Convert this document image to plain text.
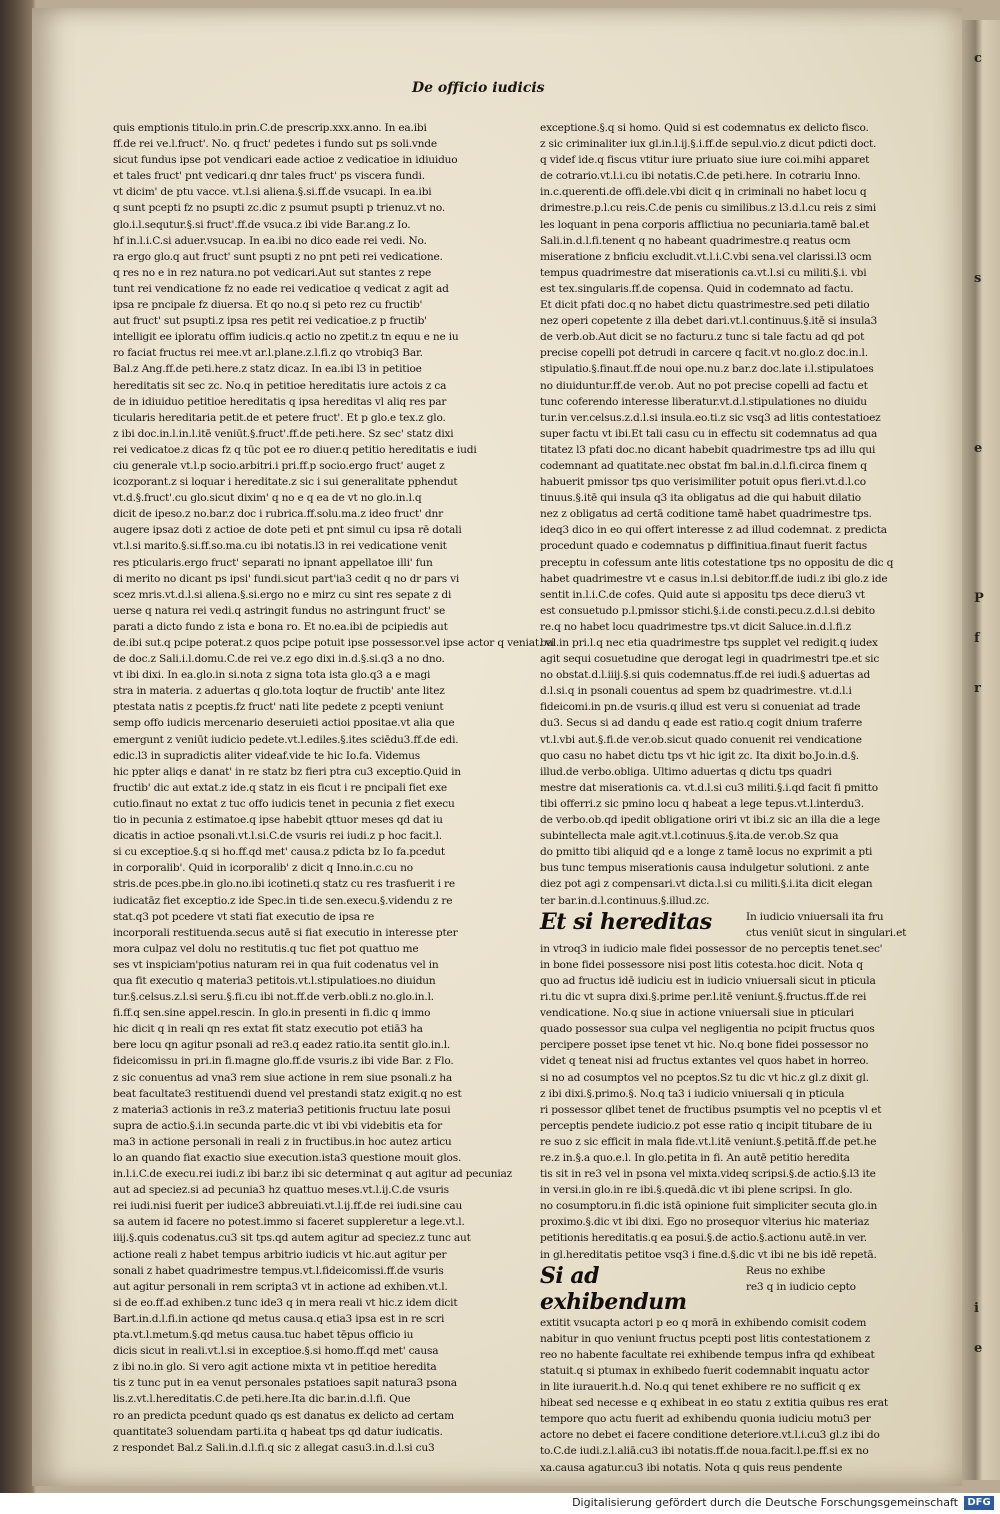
De officio iudicis
quis emptionis titulo.in prin.C.de prescrip.xxx.anno. In ea.ibi
ff.de rei ve.l.fruct'. No. q fruct' pedetes i fundo sut ps soli.vnde
sicut fundus ipse pot vendicari eade actioe z vedicatioe in idiuiduo
et tales fruct' pnt vedicari.q dnr tales fruct' ps viscera fundi.
vt dicim' de ptu vacce. vt.l.si aliena.§.si.ff.de vsucapi. In ea.ibi
q sunt pcepti fz no psupti zc.dic z psumut psupti p trienuz.vt no.
glo.i.l.sequtur.§.si fruct'.ff.de vsuca.z ibi vide Bar.ang.z Io.
hf in.l.i.C.si aduer.vsucap. In ea.ibi no dico eade rei vedi. No.
ra ergo glo.q aut fruct' sunt psupti z no pnt peti rei vedicatione.
q res no e in rez natura.no pot vedicari.Aut sut stantes z repe
tunt rei vendicatione fz no eade rei vedicatioe q vedicat z agit ad
ipsa re pncipale fz diuersa. Et qo no.q si peto rez cu fructib'
aut fruct' sut psupti.z ipsa res petit rei vedicatioe.z p fructib'
intelligit ee iploratu offim iudicis.q actio no zpetit.z tn equu e ne iu
ro faciat fructus rei mee.vt ar.l.plane.z.l.fi.z qo vtrobiq3 Bar.
Bal.z Ang.ff.de peti.here.z statz dicaz. In ea.ibi l3 in petitioe
hereditatis sit sec zc. No.q in petitioe hereditatis iure actois z ca
de in idiuiduo petitioe hereditatis q ipsa hereditas vl aliq res par
ticularis hereditaria petit.de et petere fruct'. Et p glo.e tex.z glo.
z ibi doc.in.l.in.l.itē veniūt.§.fruct'.ff.de peti.here. Sz sec' statz dixi
rei vedicatoe.z dicas fz q tūc pot ee ro diuer.q petitio hereditatis e iudi
ciu generale vt.l.p socio.arbitri.i pri.ff.p socio.ergo fruct' auget z
icozporant.z si loquar i hereditate.z sic i sui generalitate pphendut
vt.d.§.fruct'.cu glo.sicut dixim' q no e q ea de vt no glo.in.l.q
dicit de ipeso.z no.bar.z doc i rubrica.ff.solu.ma.z ideo fruct' dnr
augere ipsaz doti z actioe de dote peti et pnt simul cu ipsa rē dotali
vt.l.si marito.§.si.ff.so.ma.cu ibi notatis.l3 in rei vedicatione venit
res pticularis.ergo fruct' separati no ipnant appellatoe illi' fun
di merito no dicant ps ipsi' fundi.sicut part'ia3 cedit q no dr pars vi
scez mris.vt.d.l.si aliena.§.si.ergo no e mirz cu sint res sepate z di
uerse q natura rei vedi.q astringit fundus no astringunt fruct' se
parati a dicto fundo z ista e bona ro. Et no.ea.ibi de pcipiedis aut
de.ibi sut.q pcipe poterat.z quos pcipe potuit ipse possessor.vel ipse actor q veniat. vi
de doc.z Sali.i.l.domu.C.de rei ve.z ego dixi in.d.§.si.q3 a no dno.
vt ibi dixi. In ea.glo.in si.nota z signa tota ista glo.q3 a e magi
stra in materia. z aduertas q glo.tota loqtur de fructib' ante litez
ptestata natis z pceptis.fz fruct' nati lite pedete z pcepti veniunt
semp offo iudicis mercenario deseruieti actioi ppositae.vt alia que
emergunt z veniūt iudicio pedete.vt.l.ediles.§.ites sciēdu3.ff.de edi.
edic.l3 in supradictis aliter videaf.vide te hic Io.fa. Videmus
hic ppter aliqs e danat' in re statz bz fieri ptra cu3 exceptio.Quid in
fructib' dic aut extat.z ide.q statz in eis ficut i re pncipali fiet exe
cutio.finaut no extat z tuc offo iudicis tenet in pecunia z fiet execu
tio in pecunia z estimatoe.q ipse habebit qttuor meses qd dat iu
dicatis in actioe psonali.vt.l.si.C.de vsuris rei iudi.z p hoc facit.l.
si cu exceptioe.§.q si ho.ff.qd met' causa.z pdicta bz Io fa.pcedut
in corporalib'. Quid in icorporalib' z dicit q Inno.in.c.cu no
stris.de pces.pbe.in glo.no.ibi icotineti.q statz cu res trasfuerit i re
iudicatāz fiet exceptio.z ide Spec.in ti.de sen.execu.§.videndu z re
stat.q3 pot pcedere vt stati fiat executio de ipsa re
incorporali restituenda.secus autē si fiat executio in interesse pter
mora culpaz vel dolu no restitutis.q tuc fiet pot quattuo me
ses vt inspiciam'potius naturam rei in qua fuit codenatus vel in
qua fit executio q materia3 petitois.vt.l.stipulatioes.no diuidun
tur.§.celsus.z.l.si seru.§.fi.cu ibi not.ff.de verb.obli.z no.glo.in.l.
fi.ff.q sen.sine appel.rescin. In glo.in presenti in fi.dic q immo
hic dicit q in reali qn res extat fit statz executio pot etiā3 ha
bere locu qn agitur psonali ad re3.q eadez ratio.ita sentit glo.in.l.
fideicomissu in pri.in fi.magne glo.ff.de vsuris.z ibi vide Bar. z Flo.
z sic conuentus ad vna3 rem siue actione in rem siue psonali.z ha
beat facultate3 restituendi duend vel prestandi statz exigit.q no est
z materia3 actionis in re3.z materia3 petitionis fructuu late posui
supra de actio.§.i.in secunda parte.dic vt ibi vbi videbitis eta for
ma3 in actione personali in reali z in fructibus.in hoc autez articu
lo an quando fiat exactio siue execution.ista3 questione mouit glos.
in.l.i.C.de execu.rei iudi.z ibi bar.z ibi sic determinat q aut agitur ad pecuniaz
aut ad speciez.si ad pecunia3 hz quattuo meses.vt.l.ij.C.de vsuris
rei iudi.nisi fuerit per iudice3 abbreuiati.vt.l.ij.ff.de rei iudi.sine cau
sa autem id facere no potest.immo si faceret suppleretur a lege.vt.l.
iiij.§.quis codenatus.cu3 sit tps.qd autem agitur ad speciez.z tunc aut
actione reali z habet tempus arbitrio iudicis vt hic.aut agitur per
sonali z habet quadrimestre tempus.vt.l.fideicomissi.ff.de vsuris
aut agitur personali in rem scripta3 vt in actione ad exhiben.vt.l.
si de eo.ff.ad exhiben.z tunc ide3 q in mera reali vt hic.z idem dicit
Bart.in.d.l.fi.in actione qd metus causa.q etia3 ipsa est in re scri
pta.vt.l.metum.§.qd metus causa.tuc habet tēpus officio iu
dicis sicut in reali.vt.l.si in exceptioe.§.si homo.ff.qd met' causa
z ibi no.in glo. Si vero agit actione mixta vt in petitioe heredita
tis z tunc put in ea venut personales pstatioes sapit natura3 psona
lis.z.vt.l.hereditatis.C.de peti.here.Ita dic bar.in.d.l.fi. Que
ro an predicta pcedunt quado qs est danatus ex delicto ad certam
quantitate3 soluendam parti.ita q habeat tps qd datur iudicatis.
z respondet Bal.z Sali.in.d.l.fi.q sic z allegat casu3.in.d.l.si cu3
exceptione.§.q si homo. Quid si est codemnatus ex delicto fisco.
z sic criminaliter iux gl.in.l.ij.§.i.ff.de sepul.vio.z dicut pdicti doct.
q videf ide.q fiscus vtitur iure priuato siue iure coi.mihi apparet
de cotrario.vt.l.i.cu ibi notatis.C.de peti.here. In cotrariu Inno.
in.c.querenti.de offi.dele.vbi dicit q in criminali no habet locu q
drimestre.p.l.cu reis.C.de penis cu similibus.z l3.d.l.cu reis z simi
les loquant in pena corporis afflictiua no pecuniaria.tamē bal.et
Sali.in.d.l.fi.tenent q no habeant quadrimestre.q reatus ocm
miseratione z bnficiu excludit.vt.l.i.C.vbi sena.vel clarissi.l3 ocm
tempus quadrimestre dat miserationis ca.vt.l.si cu militi.§.i. vbi
est tex.singularis.ff.de copensa. Quid in codemnato ad factu.
Et dicit pfati doc.q no habet dictu quastrimestre.sed peti dilatio
nez operi copetente z illa debet dari.vt.l.continuus.§.itē si insula3
de verb.ob.Aut dicit se no facturu.z tunc si tale factu ad qd pot
precise copelli pot detrudi in carcere q facit.vt no.glo.z doc.in.l.
stipulatio.§.finaut.ff.de noui ope.nu.z bar.z doc.late i.l.stipulatoes
no diuiduntur.ff.de ver.ob. Aut no pot precise copelli ad factu et
tunc coferendo interesse liberatur.vt.d.l.stipulationes no diuidu
tur.in ver.celsus.z.d.l.si insula.eo.ti.z sic vsq3 ad litis contestatioez
super factu vt ibi.Et tali casu cu in effectu sit codemnatus ad qua
titatez l3 pfati doc.no dicant habebit quadrimestre tps ad illu qui
codemnant ad quatitate.nec obstat fm bal.in.d.l.fi.circa finem q
habuerit pmissor tps quo verisimiliter potuit opus fieri.vt.d.l.co
tinuus.§.itē qui insula q3 ita obligatus ad die qui habuit dilatio
nez z obligatus ad certā coditione tamē habet quadrimestre tps.
ideq3 dico in eo qui offert interesse z ad illud codemnat. z predicta
procedunt quado e codemnatus p diffinitiua.finaut fuerit factus
preceptu in cofessum ante litis cotestatione tps no oppositu de dic q
habet quadrimestre vt e casus in.l.si debitor.ff.de iudi.z ibi glo.z ide
sentit in.l.i.C.de cofes. Quid aute si appositu tps dece dieru3 vt
est consuetudo p.l.pmissor stichi.§.i.de consti.pecu.z.d.l.si debito
re.q no habet locu quadrimestre tps.vt dicit Saluce.in.d.l.fi.z
bal.in pri.l.q nec etia quadrimestre tps supplet vel redigit.q iudex
agit sequi cosuetudine que derogat legi in quadrimestri tpe.et sic
no obstat.d.l.iiij.§.si quis codemnatus.ff.de rei iudi.§ aduertas ad
d.l.si.q in psonali couentus ad spem bz quadrimestre. vt.d.l.i
fideicomi.in pn.de vsuris.q illud est veru si conueniat ad trade
du3. Secus si ad dandu q eade est ratio.q cogit dnium traferre
vt.l.vbi aut.§.fi.de ver.ob.sicut quado conuenit rei vendicatione
quo casu no habet dictu tps vt hic igit zc. Ita dixit bo.Jo.in.d.§.
illud.de verbo.obliga. Ultimo aduertas q dictu tps quadri
mestre dat miserationis ca. vt.d.l.si cu3 militi.§.i.qd facit fi pmitto
tibi offerri.z sic pmino locu q habeat a lege tepus.vt.l.interdu3.
de verbo.ob.qd ipedit obligatione oriri vt ibi.z sic an illa die a lege
subintellecta male agit.vt.l.cotinuus.§.ita.de ver.ob.Sz qua
do pmitto tibi aliquid qd e a longe z tamē locus no exprimit a pti
bus tunc tempus miserationis causa indulgetur solutioni. z ante
diez pot agi z compensari.vt dicta.l.si cu militi.§.i.ita dicit elegan
ter bar.in.d.l.continuus.§.illud.zc.
Et si hereditas	In iudicio vniuersali ita fru
ctus veniūt sicut in singulari.et
in vtroq3 in iudicio male fidei possessor de no perceptis tenet.sec'
in bone fidei possessore nisi post litis cotesta.hoc dicit. Nota q
quo ad fructus idē iudiciu est in iudicio vniuersali sicut in pticula
ri.tu dic vt supra dixi.§.prime per.l.itē veniunt.§.fructus.ff.de rei
vendicatione. No.q siue in actione vniuersali siue in pticulari
quado possessor sua culpa vel negligentia no pcipit fructus quos
percipere posset ipse tenet vt hic. No.q bone fidei possessor no
videt q teneat nisi ad fructus extantes vel quos habet in horreo.
si no ad cosumptos vel no pceptos.Sz tu dic vt hic.z gl.z dixit gl.
z ibi dixi.§.primo.§. No.q ta3 i iudicio vniuersali q in pticula
ri possessor qlibet tenet de fructibus psumptis vel no pceptis vl et
perceptis pendete iudicio.z pot esse ratio q incipit titubare de iu
re suo z sic efficit in mala fide.vt.l.itē veniunt.§.petitā.ff.de pet.he
re.z in.§.a quo.e.l. In glo.petita in fi. An autē petitio heredita
tis sit in re3 vel in psona vel mixta.videq scripsi.§.de actio.§.l3 ite
in versi.in glo.in re ibi.§.quedā.dic vt ibi plene scripsi. In glo.
no cosumptoru.in fi.dic istā opinione fuit simpliciter secuta glo.in
proximo.§.dic vt ibi dixi. Ego no prosequor vlterius hic materiaz
petitionis hereditatis.q ea posui.§.de actio.§.actionu autē.in ver.
in gl.hereditatis petitoe vsq3 i fine.d.§.dic vt ibi ne bis idē repetā.
Si ad exhibendum
Reus no exhibe
re3 q in iudicio cepto
extitit vsucapta actori p eo q morā in exhibendo comisit codem
nabitur in quo veniunt fructus pcepti post litis contestationem z
reo no habente facultate rei exhibende tempus infra qd exhibeat
statuit.q si ptumax in exhibedo fuerit codemnabit inquatu actor
in lite iurauerit.h.d. No.q qui tenet exhibere re no sufficit q ex
hibeat sed necesse e q exhibeat in eo statu z extitia quibus res erat
tempore quo actu fuerit ad exhibendu quonia iudiciu motu3 per
actore no debet ei facere conditione deteriore.vt.l.i.cu3 gl.z ibi do
to.C.de iudi.z.l.aliā.cu3 ibi notatis.ff.de noua.facit.l.pe.ff.si ex no
xa.causa agatur.cu3 ibi notatis. Nota q quis reus pendente
c
s
e
P
f
r
i
e
Digitalisierung gefördert durch die Deutsche Forschungsgemeinschaft DFG
